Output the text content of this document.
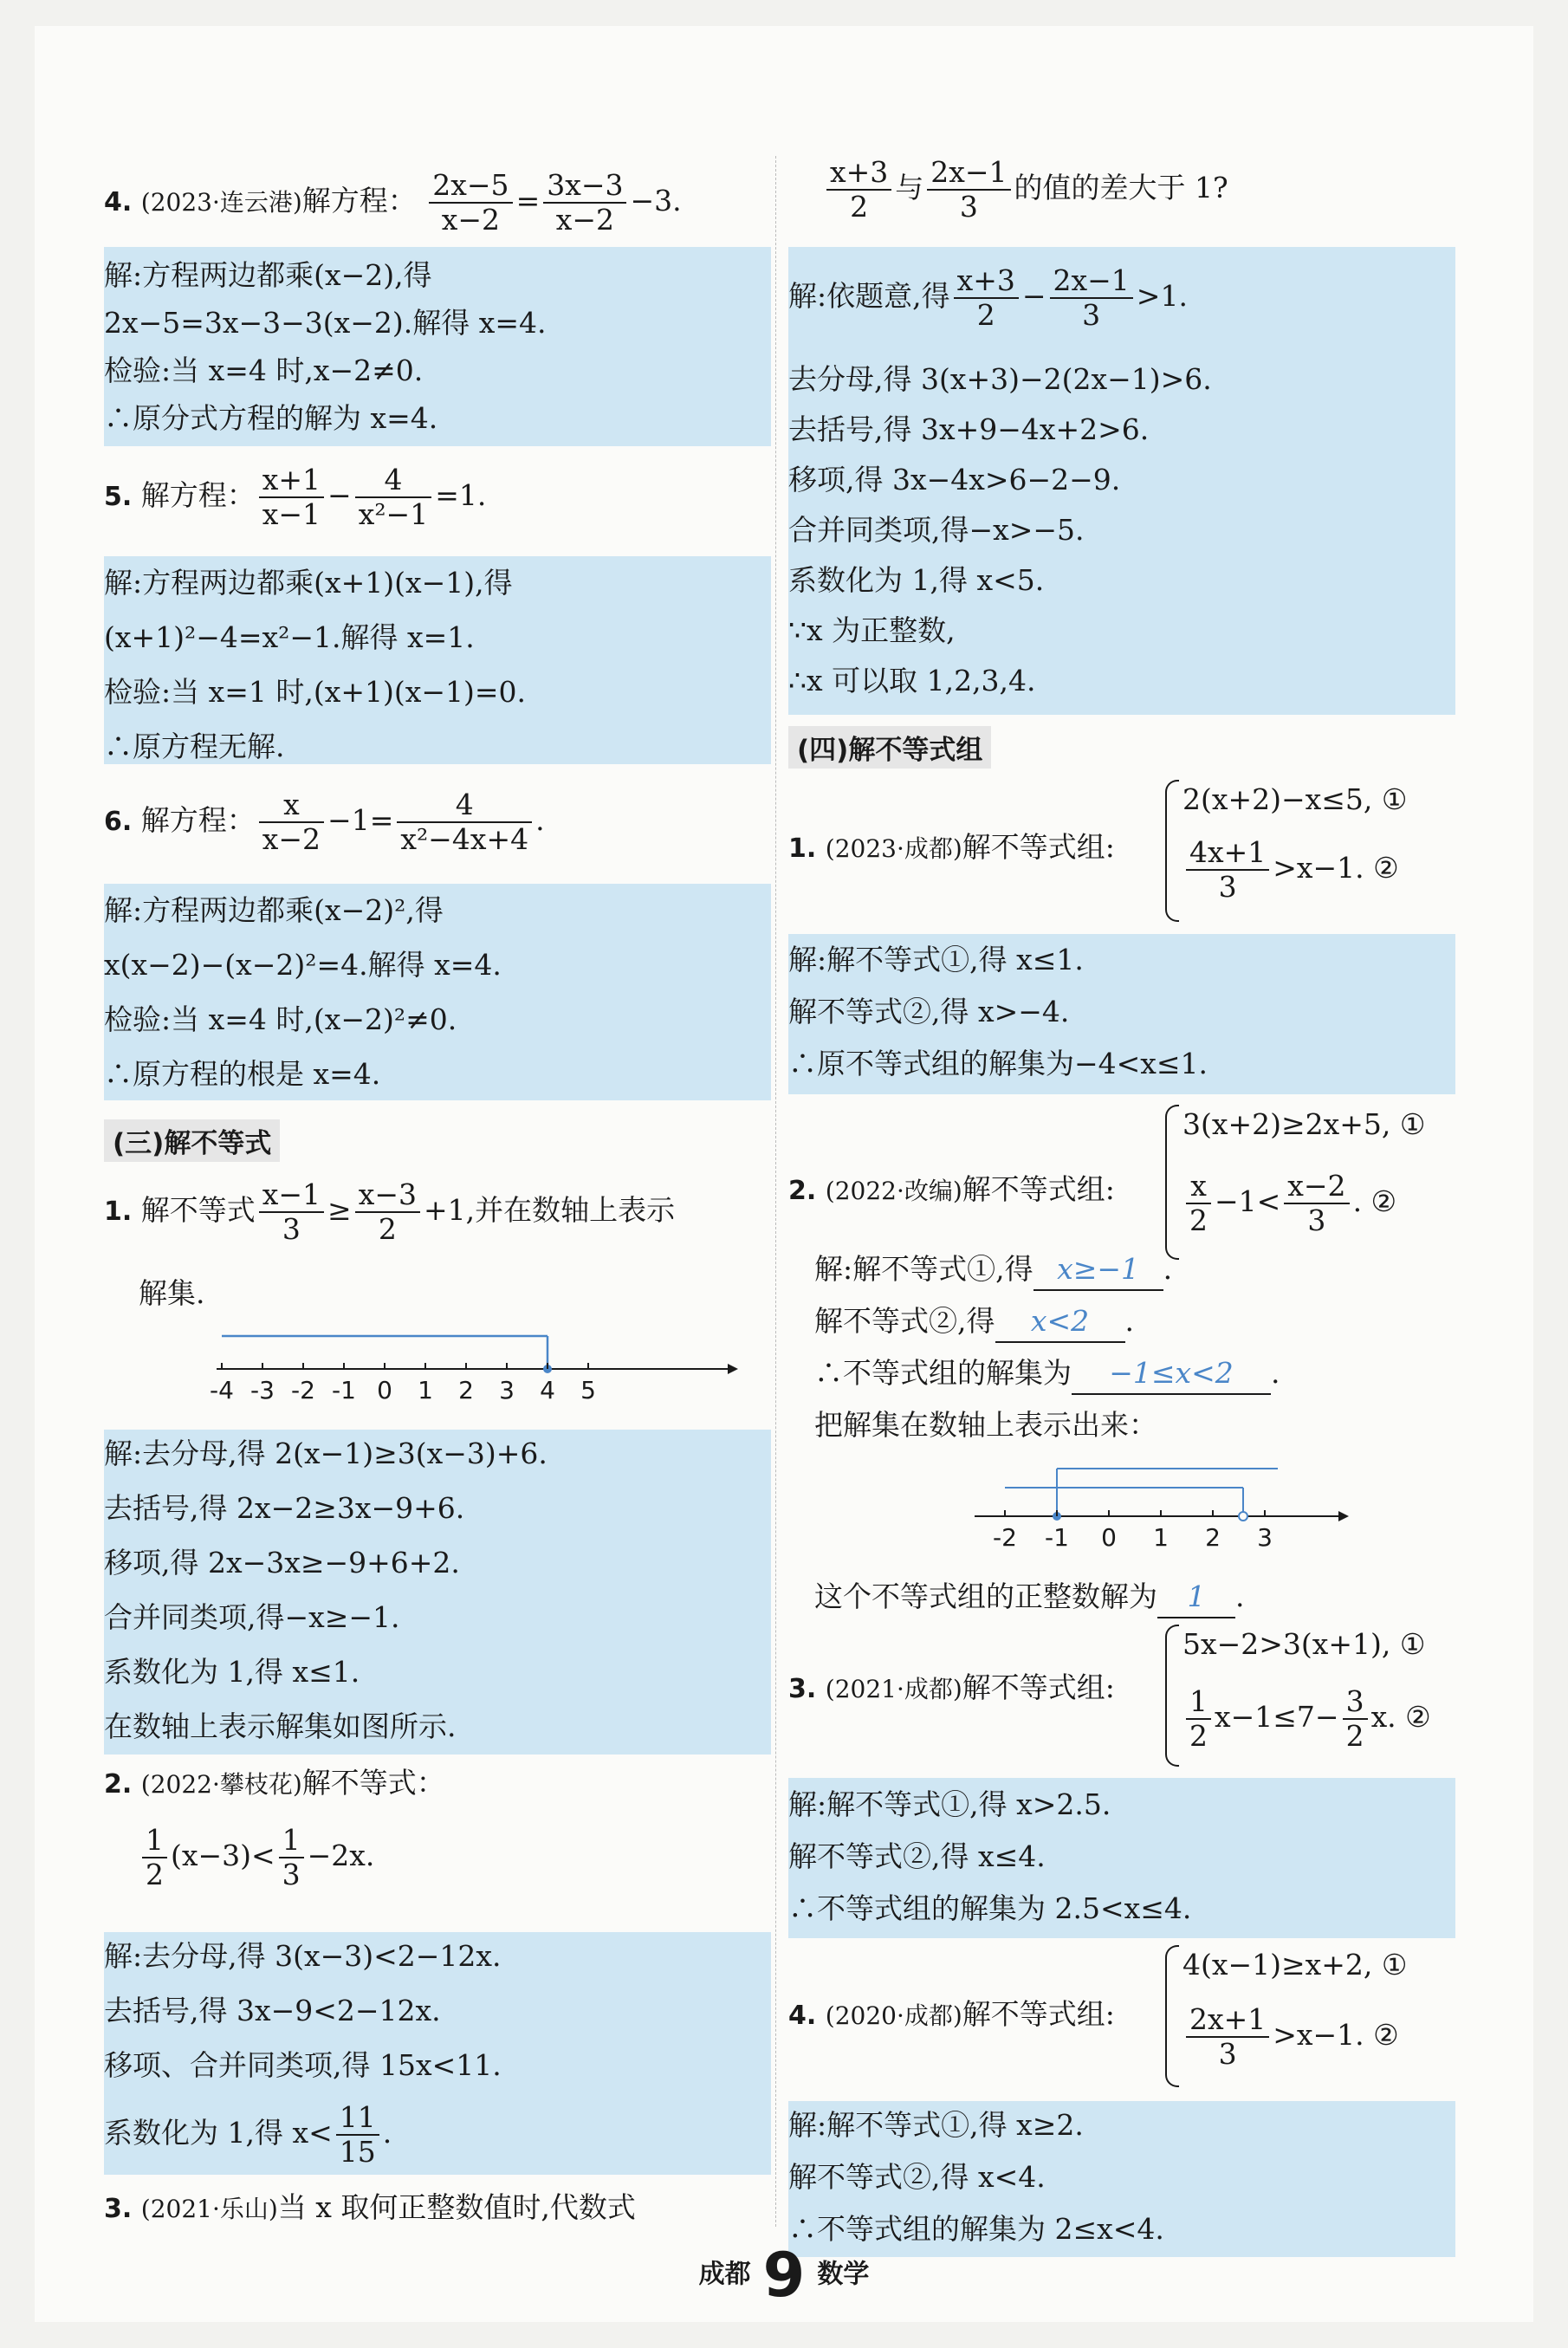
4. (2023·连云港)解方程： $\frac{2x-5}{x-2} = \frac{3x-3}{x-2} -3$.
解:方程两边都乘(x−2),得
2x−5=3x−3−3(x−2).解得 x=4.
检验:当 x=4 时,x−2≠0.
∴原分式方程的解为 x=4.
5. 解方程： $\frac{x+1}{x-1} - \frac{4}{\text{x²−1}} =1$.
解:方程两边都乘(x+1)(x−1),得
(x+1)²−4=x²−1.解得 x=1.
检验:当 x=1 时,(x+1)(x−1)=0.
∴原方程无解.
6. 解方程： $\frac{x}{x-2} -1= \frac{4}{\text{x²−4x+4}}$ .
解:方程两边都乘(x−2)²,得
x(x−2)−(x−2)²=4.解得 x=4.
检验:当 x=4 时,(x−2)²≠0.
∴原方程的根是 x=4.
(三)解不等式
1. 解不等式 $\frac{x-1}{3} \ge \frac{x-3}{2} +1$,并在数轴上表示
解集.
-4 -3 -2 -1 0 1 2 3 4 5
解:去分母,得 2(x−1)≥3(x−3)+6.
去括号,得 2x−2≥3x−9+6.
移项,得 2x−3x≥−9+6+2.
合并同类项,得−x≥−1.
系数化为 1,得 x≤1.
在数轴上表示解集如图所示.
2. (2022·攀枝花)解不等式：
$\frac{1}{2} (x-3)< \frac{1}{3} -2x$.
解:去分母,得 3(x−3)<2−12x.
去括号,得 3x−9<2−12x.
移项、合并同类项,得 15x<11.
系数化为 1,得 $x< \frac{11}{15}$ .
3. (2021·乐山)当 x 取何正整数值时,代数式
$\frac{x+3}{2}$ 与 $\frac{2x-1}{3}$ 的值的差大于 1?
解:依题意,得 $\frac{x+3}{2} - \frac{2x-1}{3} >1$.
去分母,得 3(x+3)−2(2x−1)>6.
去括号,得 3x+9−4x+2>6.
移项,得 3x−4x>6−2−9.
合并同类项,得−x>−5.
系数化为 1,得 x<5.
∵x 为正整数,
∴x 可以取 1,2,3,4.
(四)解不等式组
1. (2023·成都)解不等式组:
2(x+2)−x≤5, ①
$\frac{4x+1}{3} >x-1$. ②
解:解不等式①,得 x≤1.
解不等式②,得 x>−4.
∴原不等式组的解集为−4<x≤1.
2. (2022·改编)解不等式组:
3(x+2)≥2x+5, ①
$\frac{x}{2} -1< \frac{x-2}{3}$ . ②
解:解不等式①,得 x≥−1 .
解不等式②,得 x<2 .
∴不等式组的解集为 −1≤x<2 .
把解集在数轴上表示出来：
-2 -1 0 1 2 3
这个不等式组的正整数解为 1 .
3. (2021·成都)解不等式组:
5x−2>3(x+1), ①
$\frac{1}{2} x-1\le 7- \frac{3}{2} x$. ②
解:解不等式①,得 x>2.5.
解不等式②,得 x≤4.
∴不等式组的解集为 2.5<x≤4.
4. (2020·成都)解不等式组:
4(x−1)≥x+2, ①
$\frac{2x+1}{3} >x-1$. ②
解:解不等式①,得 x≥2.
解不等式②,得 x<4.
∴不等式组的解集为 2≤x<4.
成都 9 数学
